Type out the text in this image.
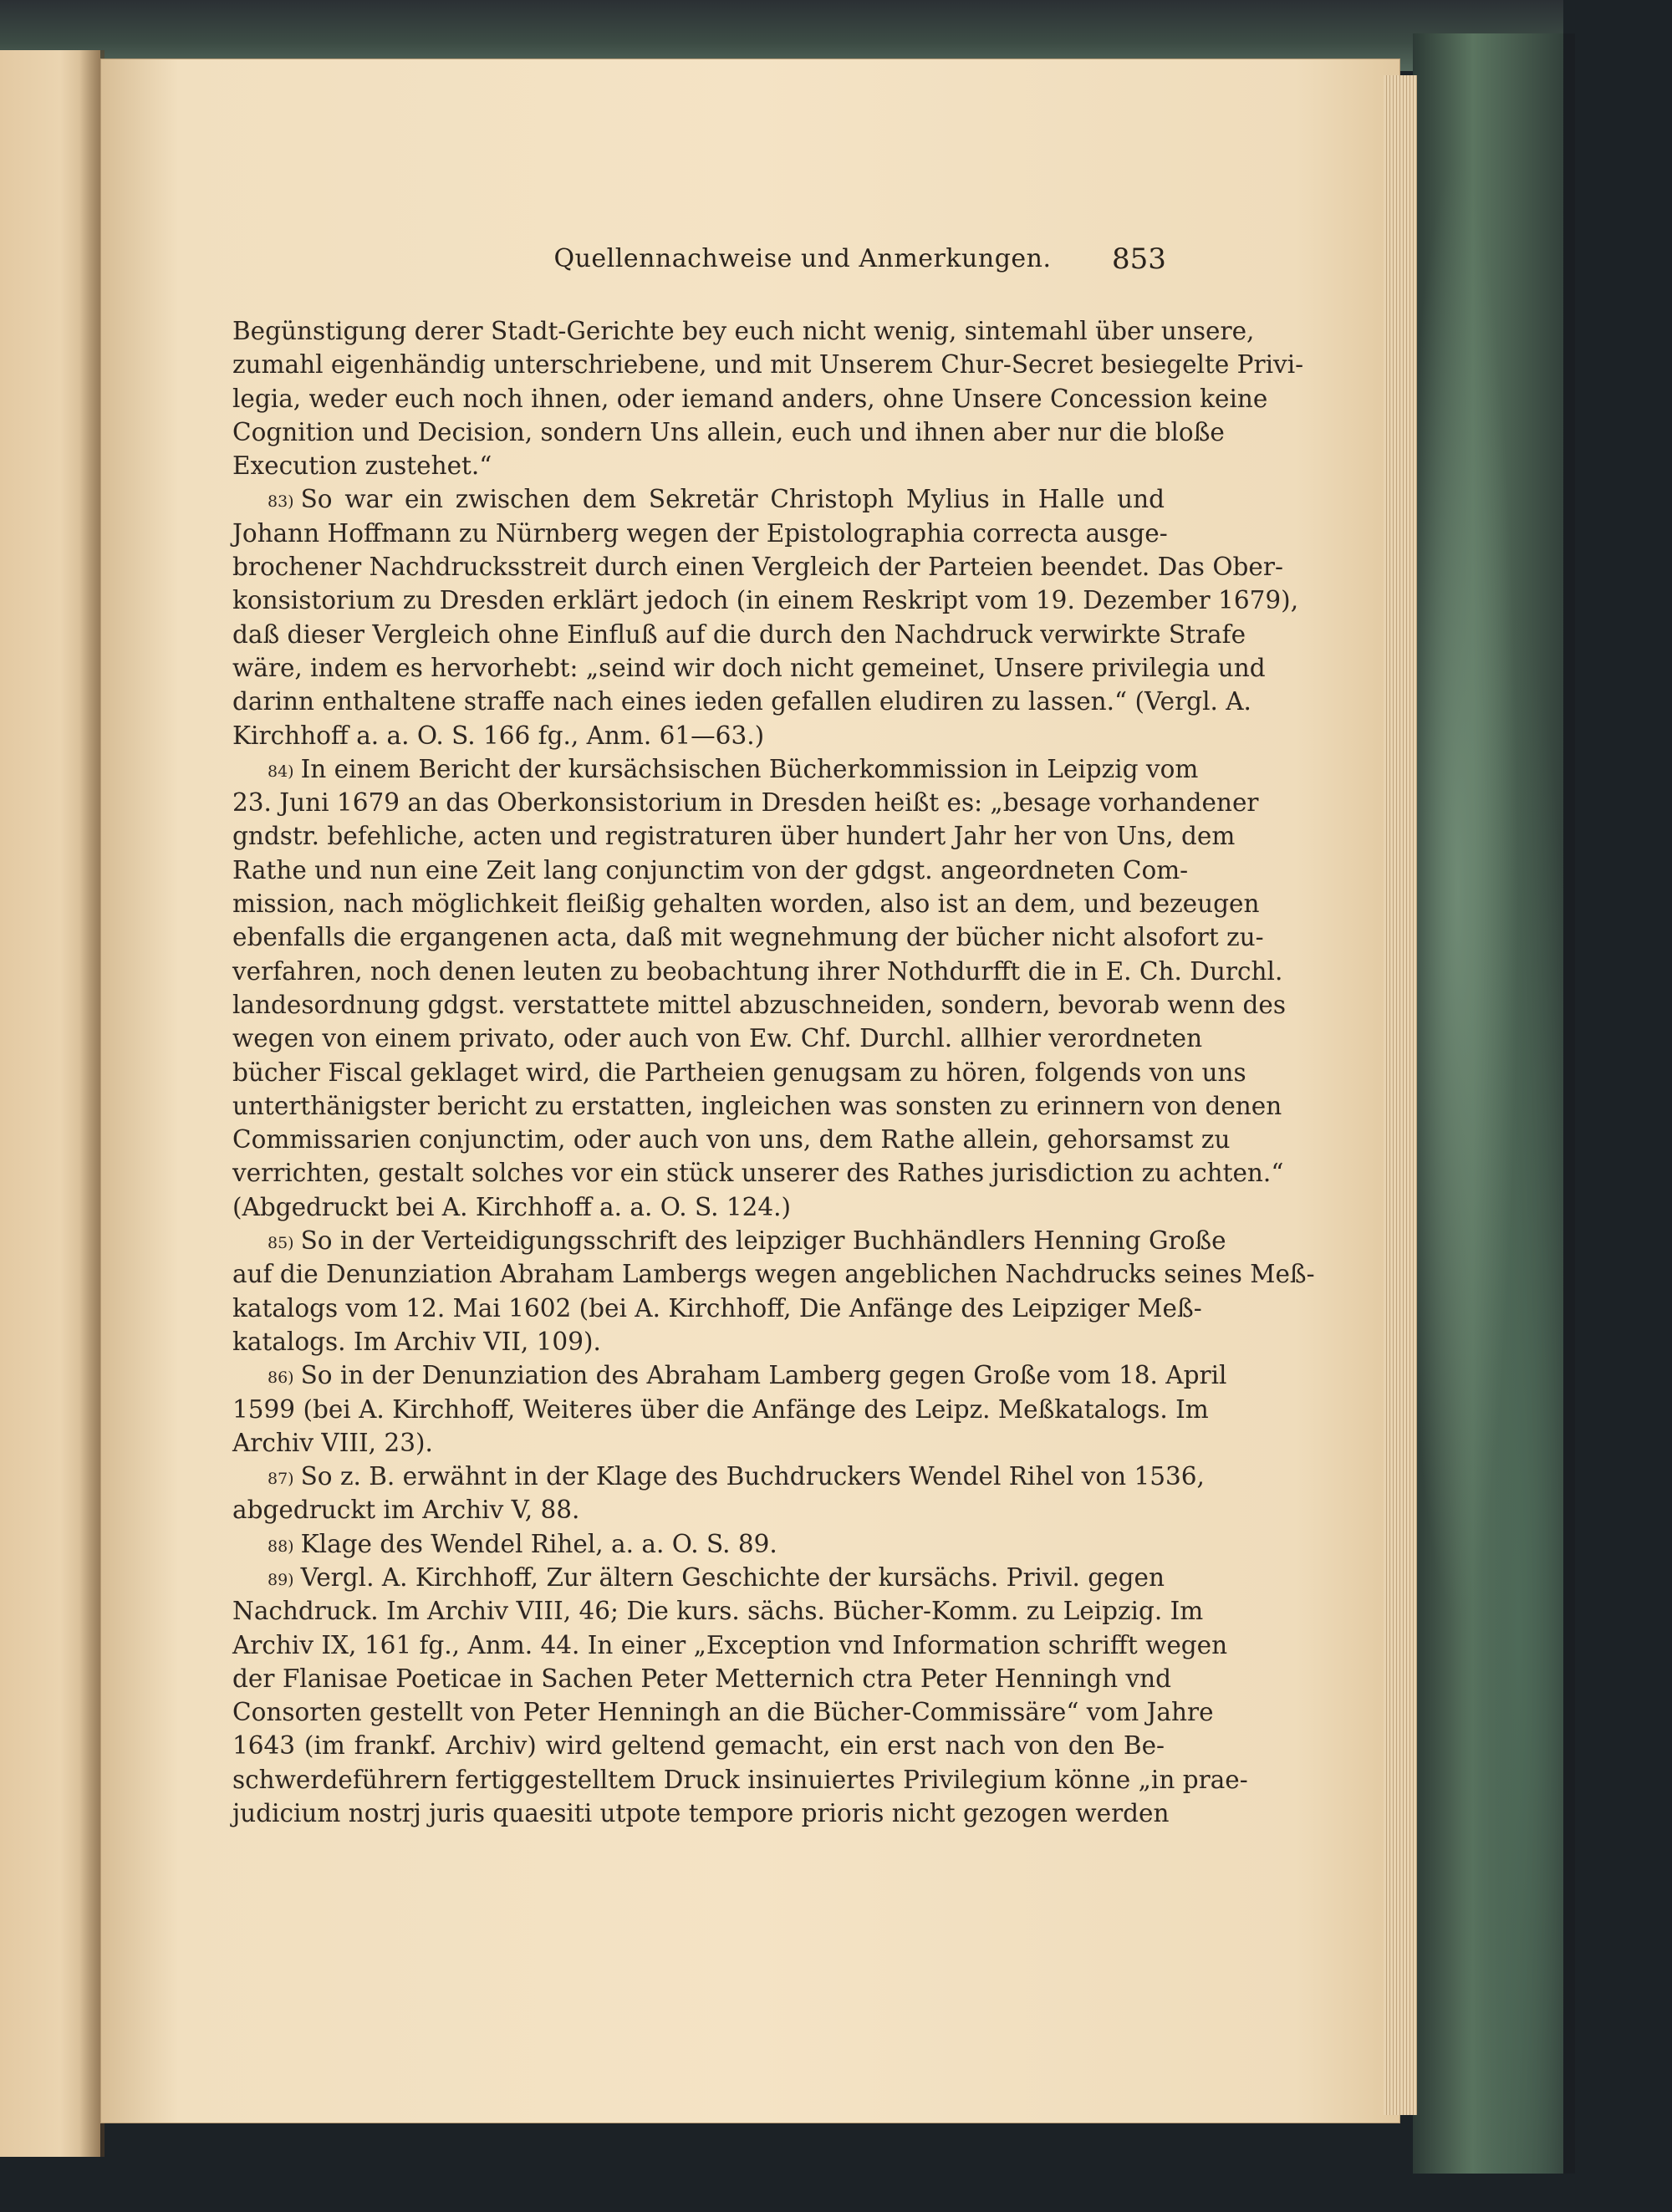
Quellennachweise und Anmerkungen.	853
Begünstigung derer Stadt-Gerichte bey euch nicht wenig, sintemahl über unsere,
zumahl eigenhändig unterschriebene, und mit Unserem Chur-Secret besiegelte Privi-
legia, weder euch noch ihnen, oder iemand anders, ohne Unsere Concession keine
Cognition und Decision, sondern Uns allein, euch und ihnen aber nur die bloße
Execution zustehet.“
83) So war ein zwischen dem Sekretär Christoph Mylius in Halle und
Johann Hoffmann zu Nürnberg wegen der Epistolographia correcta ausge-
brochener Nachdrucksstreit durch einen Vergleich der Parteien beendet. Das Ober-
konsistorium zu Dresden erklärt jedoch (in einem Reskript vom 19. Dezember 1679),
daß dieser Vergleich ohne Einfluß auf die durch den Nachdruck verwirkte Strafe
wäre, indem es hervorhebt: „seind wir doch nicht gemeinet, Unsere privilegia und
darinn enthaltene straffe nach eines ieden gefallen eludiren zu lassen.“ (Vergl. A.
Kirchhoff a. a. O. S. 166 fg., Anm. 61—63.)
84) In einem Bericht der kursächsischen Bücherkommission in Leipzig vom
23. Juni 1679 an das Oberkonsistorium in Dresden heißt es: „besage vorhandener
gndstr. befehliche, acten und registraturen über hundert Jahr her von Uns, dem
Rathe und nun eine Zeit lang conjunctim von der gdgst. angeordneten Com-
mission, nach möglichkeit fleißig gehalten worden, also ist an dem, und bezeugen
ebenfalls die ergangenen acta, daß mit wegnehmung der bücher nicht alsofort zu-
verfahren, noch denen leuten zu beobachtung ihrer Nothdurfft die in E. Ch. Durchl.
landesordnung gdgst. verstattete mittel abzuschneiden, sondern, bevorab wenn des
wegen von einem privato, oder auch von Ew. Chf. Durchl. allhier verordneten
bücher Fiscal geklaget wird, die Partheien genugsam zu hören, folgends von uns
unterthänigster bericht zu erstatten, ingleichen was sonsten zu erinnern von denen
Commissarien conjunctim, oder auch von uns, dem Rathe allein, gehorsamst zu
verrichten, gestalt solches vor ein stück unserer des Rathes jurisdiction zu achten.“
(Abgedruckt bei A. Kirchhoff a. a. O. S. 124.)
85) So in der Verteidigungsschrift des leipziger Buchhändlers Henning Große
auf die Denunziation Abraham Lambergs wegen angeblichen Nachdrucks seines Meß-
katalogs vom 12. Mai 1602 (bei A. Kirchhoff, Die Anfänge des Leipziger Meß-
katalogs. Im Archiv VII, 109).
86) So in der Denunziation des Abraham Lamberg gegen Große vom 18. April
1599 (bei A. Kirchhoff, Weiteres über die Anfänge des Leipz. Meßkatalogs. Im
Archiv VIII, 23).
87) So z. B. erwähnt in der Klage des Buchdruckers Wendel Rihel von 1536,
abgedruckt im Archiv V, 88.
88) Klage des Wendel Rihel, a. a. O. S. 89.
89) Vergl. A. Kirchhoff, Zur ältern Geschichte der kursächs. Privil. gegen
Nachdruck. Im Archiv VIII, 46; Die kurs. sächs. Bücher-Komm. zu Leipzig. Im
Archiv IX, 161 fg., Anm. 44. In einer „Exception vnd Information schrifft wegen
der Flanisae Poeticae in Sachen Peter Metternich ctra Peter Henningh vnd
Consorten gestellt von Peter Henningh an die Bücher-Commissäre“ vom Jahre
1643 (im frankf. Archiv) wird geltend gemacht, ein erst nach von den Be-
schwerdeführern fertiggestelltem Druck insinuiertes Privilegium könne „in prae-
judicium nostrj juris quaesiti utpote tempore prioris nicht gezogen werden
